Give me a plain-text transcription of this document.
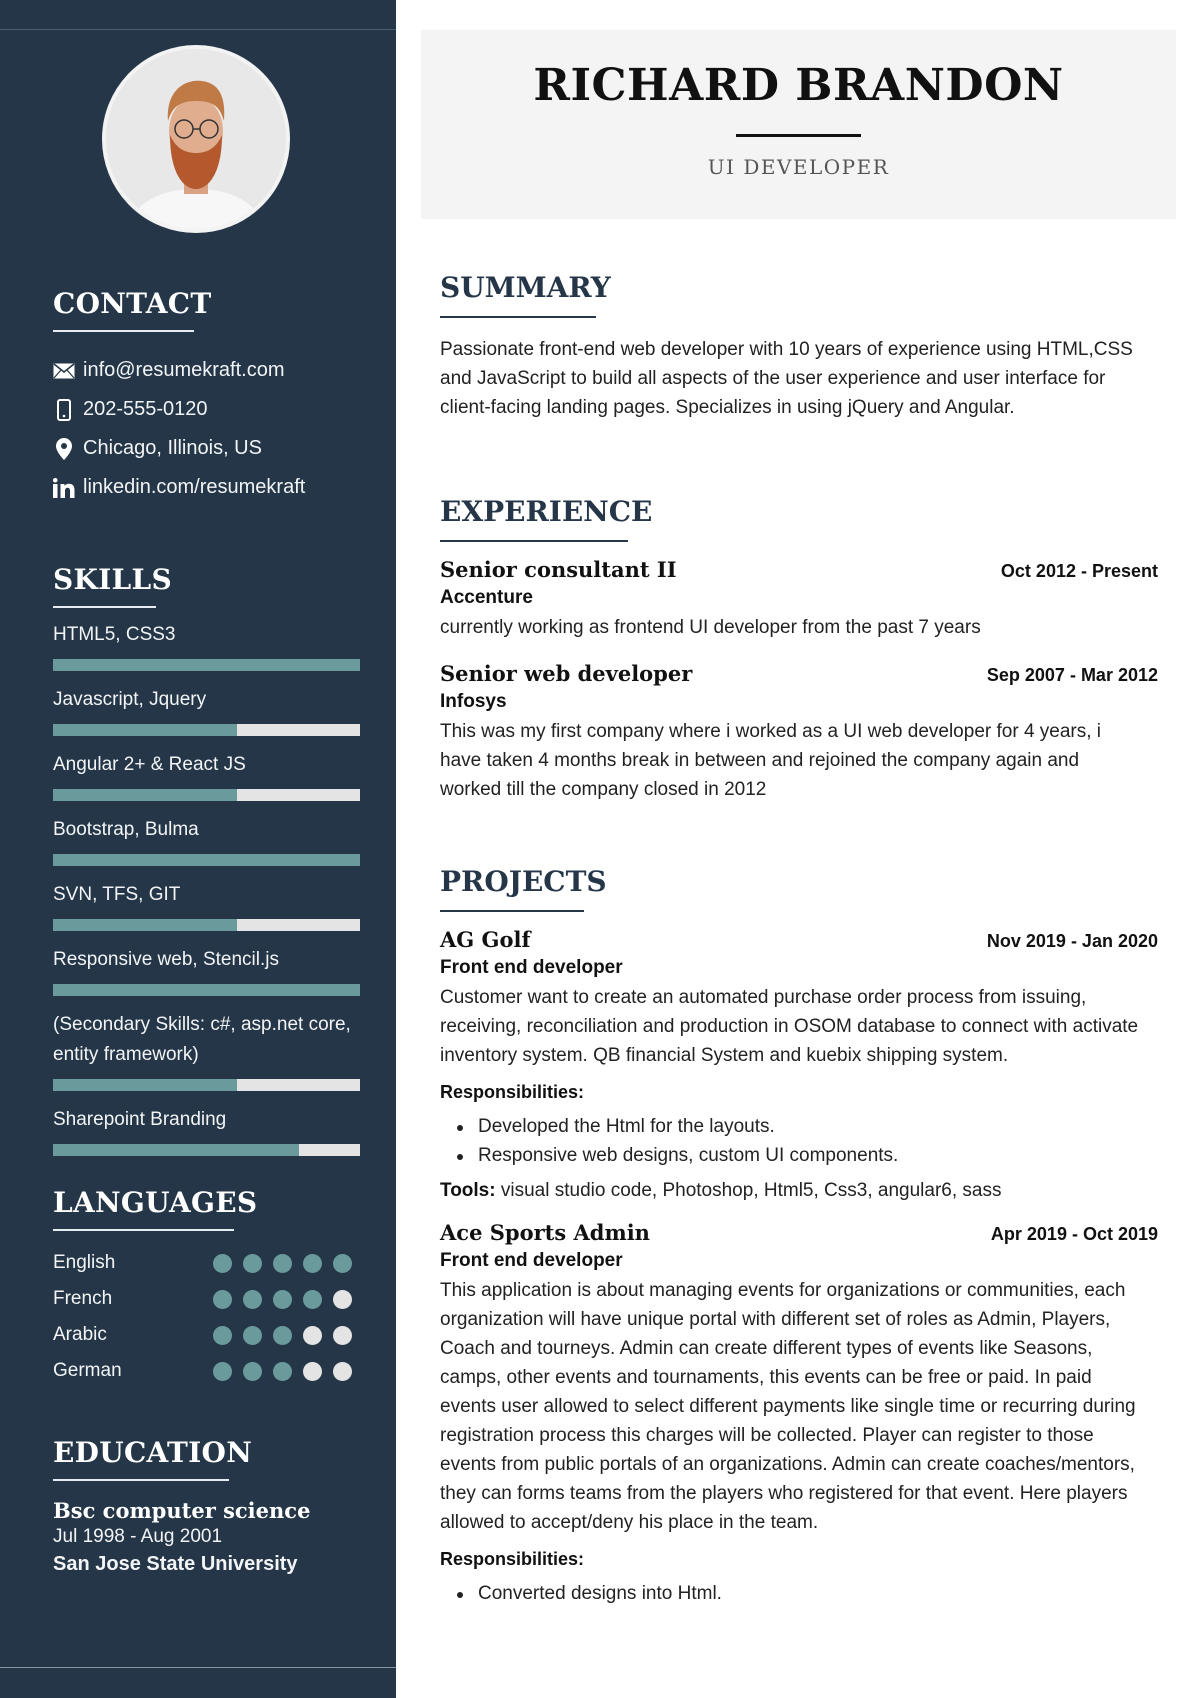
CONTACT
info@resumekraft.com
202-555-0120
Chicago, Illinois, US
linkedin.com/resumekraft
SKILLS
HTML5, CSS3
Javascript, Jquery
Angular 2+ & React JS
Bootstrap, Bulma
SVN, TFS, GIT
Responsive web, Stencil.js
(Secondary Skills: c#, asp.net core, entity framework)
Sharepoint Branding
LANGUAGES
English
French
Arabic
German
EDUCATION
Bsc computer science
Jul 1998 - Aug 2001
San Jose State University
RICHARD BRANDON
UI DEVELOPER
SUMMARY

Passionate front-end web developer with 10 years of experience using HTML,CSS and JavaScript to build all aspects of the user experience and user interface for client-facing landing pages. Specializes in using jQuery and Angular.

EXPERIENCE
Senior consultant II	Oct 2012 - Present
Accenture

currently working as frontend UI developer from the past 7 years

Senior web developer	Sep 2007 - Mar 2012
Infosys

This was my first company where i worked as a UI web developer for 4 years, i have taken 4 months break in between and rejoined the company again and worked till the company closed in 2012

PROJECTS
AG Golf	Nov 2019 - Jan 2020
Front end developer

Customer want to create an automated purchase order process from issuing, receiving, reconciliation and production in OSOM database to connect with activate inventory system. QB financial System and kuebix shipping system.

Responsibilities:
Developed the Html for the layouts.
Responsive web designs, custom UI components.
Tools: visual studio code, Photoshop, Html5, Css3, angular6, sass
Ace Sports Admin	Apr 2019 - Oct 2019
Front end developer

This application is about managing events for organizations or communities, each organization will have unique portal with different set of roles as Admin, Players, Coach and tourneys. Admin can create different types of events like Seasons, camps, other events and tournaments, this events can be free or paid. In paid events user allowed to select different payments like single time or recurring during registration process this charges will be collected. Player can register to those events from public portals of an organizations. Admin can create coaches/mentors, they can forms teams from the players who registered for that event. Here players allowed to accept/deny his place in the team.

Responsibilities:
Converted designs into Html.
